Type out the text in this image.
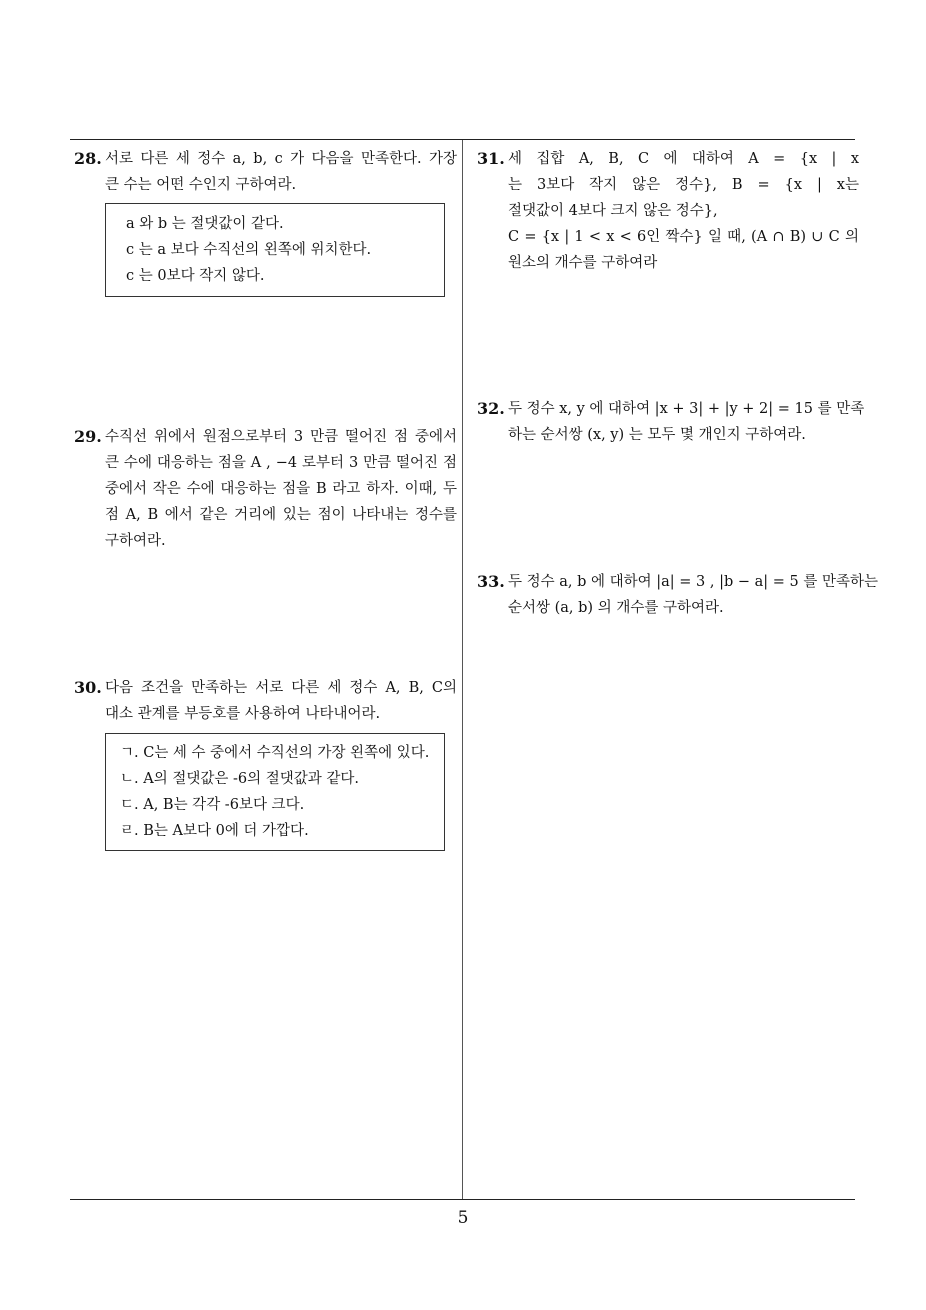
28. 서로 다른 세 정수 a, b, c 가 다음을 만족한다. 가장
큰 수는 어떤 수인지 구하여라.
a 와 b 는 절댓값이 같다.
c 는 a 보다 수직선의 왼쪽에 위치한다.
c 는 0보다 작지 않다.
29. 수직선 위에서 원점으로부터 3 만큼 떨어진 점 중에서
큰 수에 대응하는 점을 A , −4 로부터 3 만큼 떨어진 점
중에서 작은 수에 대응하는 점을 B 라고 하자. 이때, 두
점 A, B 에서 같은 거리에 있는 점이 나타내는 정수를
구하여라.
30. 다음 조건을 만족하는 서로 다른 세 정수 A, B, C의
대소 관계를 부등호를 사용하여 나타내어라.
ㄱ. C는 세 수 중에서 수직선의 가장 왼쪽에 있다.
ㄴ. A의 절댓값은 -6의 절댓값과 같다.
ㄷ. A, B는 각각 -6보다 크다.
ㄹ. B는 A보다 0에 더 가깝다.
31. 세 집합 A, B, C 에 대하여 A = {x | x
는 3보다 작지 않은 정수}, B = {x | x는
절댓값이 4보다 크지 않은 정수},
C = {x | 1 < x < 6인 짝수} 일 때, (A ∩ B) ∪ C 의
원소의 개수를 구하여라
32. 두 정수 x, y 에 대하여 |x + 3| + |y + 2| = 15 를 만족
하는 순서쌍 (x, y) 는 모두 몇 개인지 구하여라.
33. 두 정수 a, b 에 대하여 |a| = 3 , |b − a| = 5 를 만족하는
순서쌍 (a, b) 의 개수를 구하여라.
5
